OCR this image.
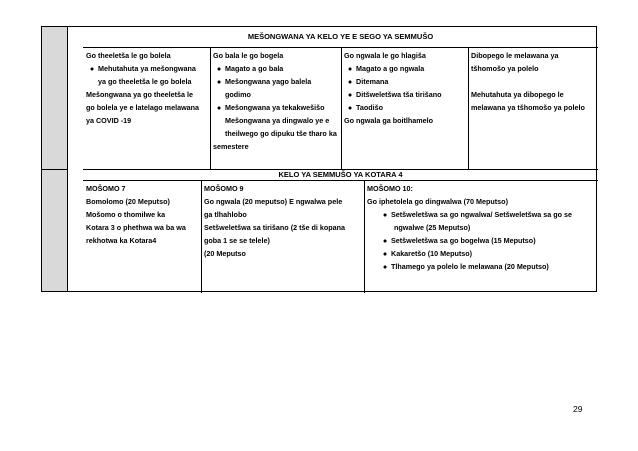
MEŠONGWANA YA KELO YE E SEGO YA SEMMUŠO
Go theeletša le go bolela
● Mehutahuta ya mešongwana
ya go theeletša le go bolela
Mešongwana ya go theeletša le
go bolela ye e latelago melawana
ya COVID -19
Go bala le go bogela
● Magato a go bala
● Mešongwana yago balela
godimo
● Mešongwana ya tekakwešišo
Mešongwana ya dingwalo ye e
theilwego go dipuku tše tharo ka
semestere
Go ngwala le go hlagiša
● Magato a go ngwala
● Ditemana
● Ditšweletšwa tša tirišano
● Taodišo
Go ngwala ga boitlhamelo
Dibopego le melawana ya
tšhomošo ya polelo

Mehutahuta ya dibopego le
melawana ya tšhomošo ya polelo
KELO YA SEMMUŠO YA KOTARA 4
MOŠOMO 7
Bomolomo (20 Meputso)
Mošomo o thomilwe ka
Kotara 3 o phethwa wa ba wa
rekhotwa ka Kotara4
MOŠOMO 9
Go ngwala (20 meputso) E ngwalwa pele
ga tlhahlobo
Setšweletšwa sa tirišano (2 tše di kopana
goba 1 se se telele)
(20 Meputso
MOŠOMO 10:
Go iphetolela go dingwalwa (70 Meputso)
● Setšweletšwa sa go ngwalwa/ Setšweletšwa sa go se
ngwalwe (25 Meputso)
● Setšweletšwa sa go bogelwa (15 Meputso)
● Kakaretšo (10 Meputso)
● Tlhamego ya polelo le melawana (20 Meputso)
29
